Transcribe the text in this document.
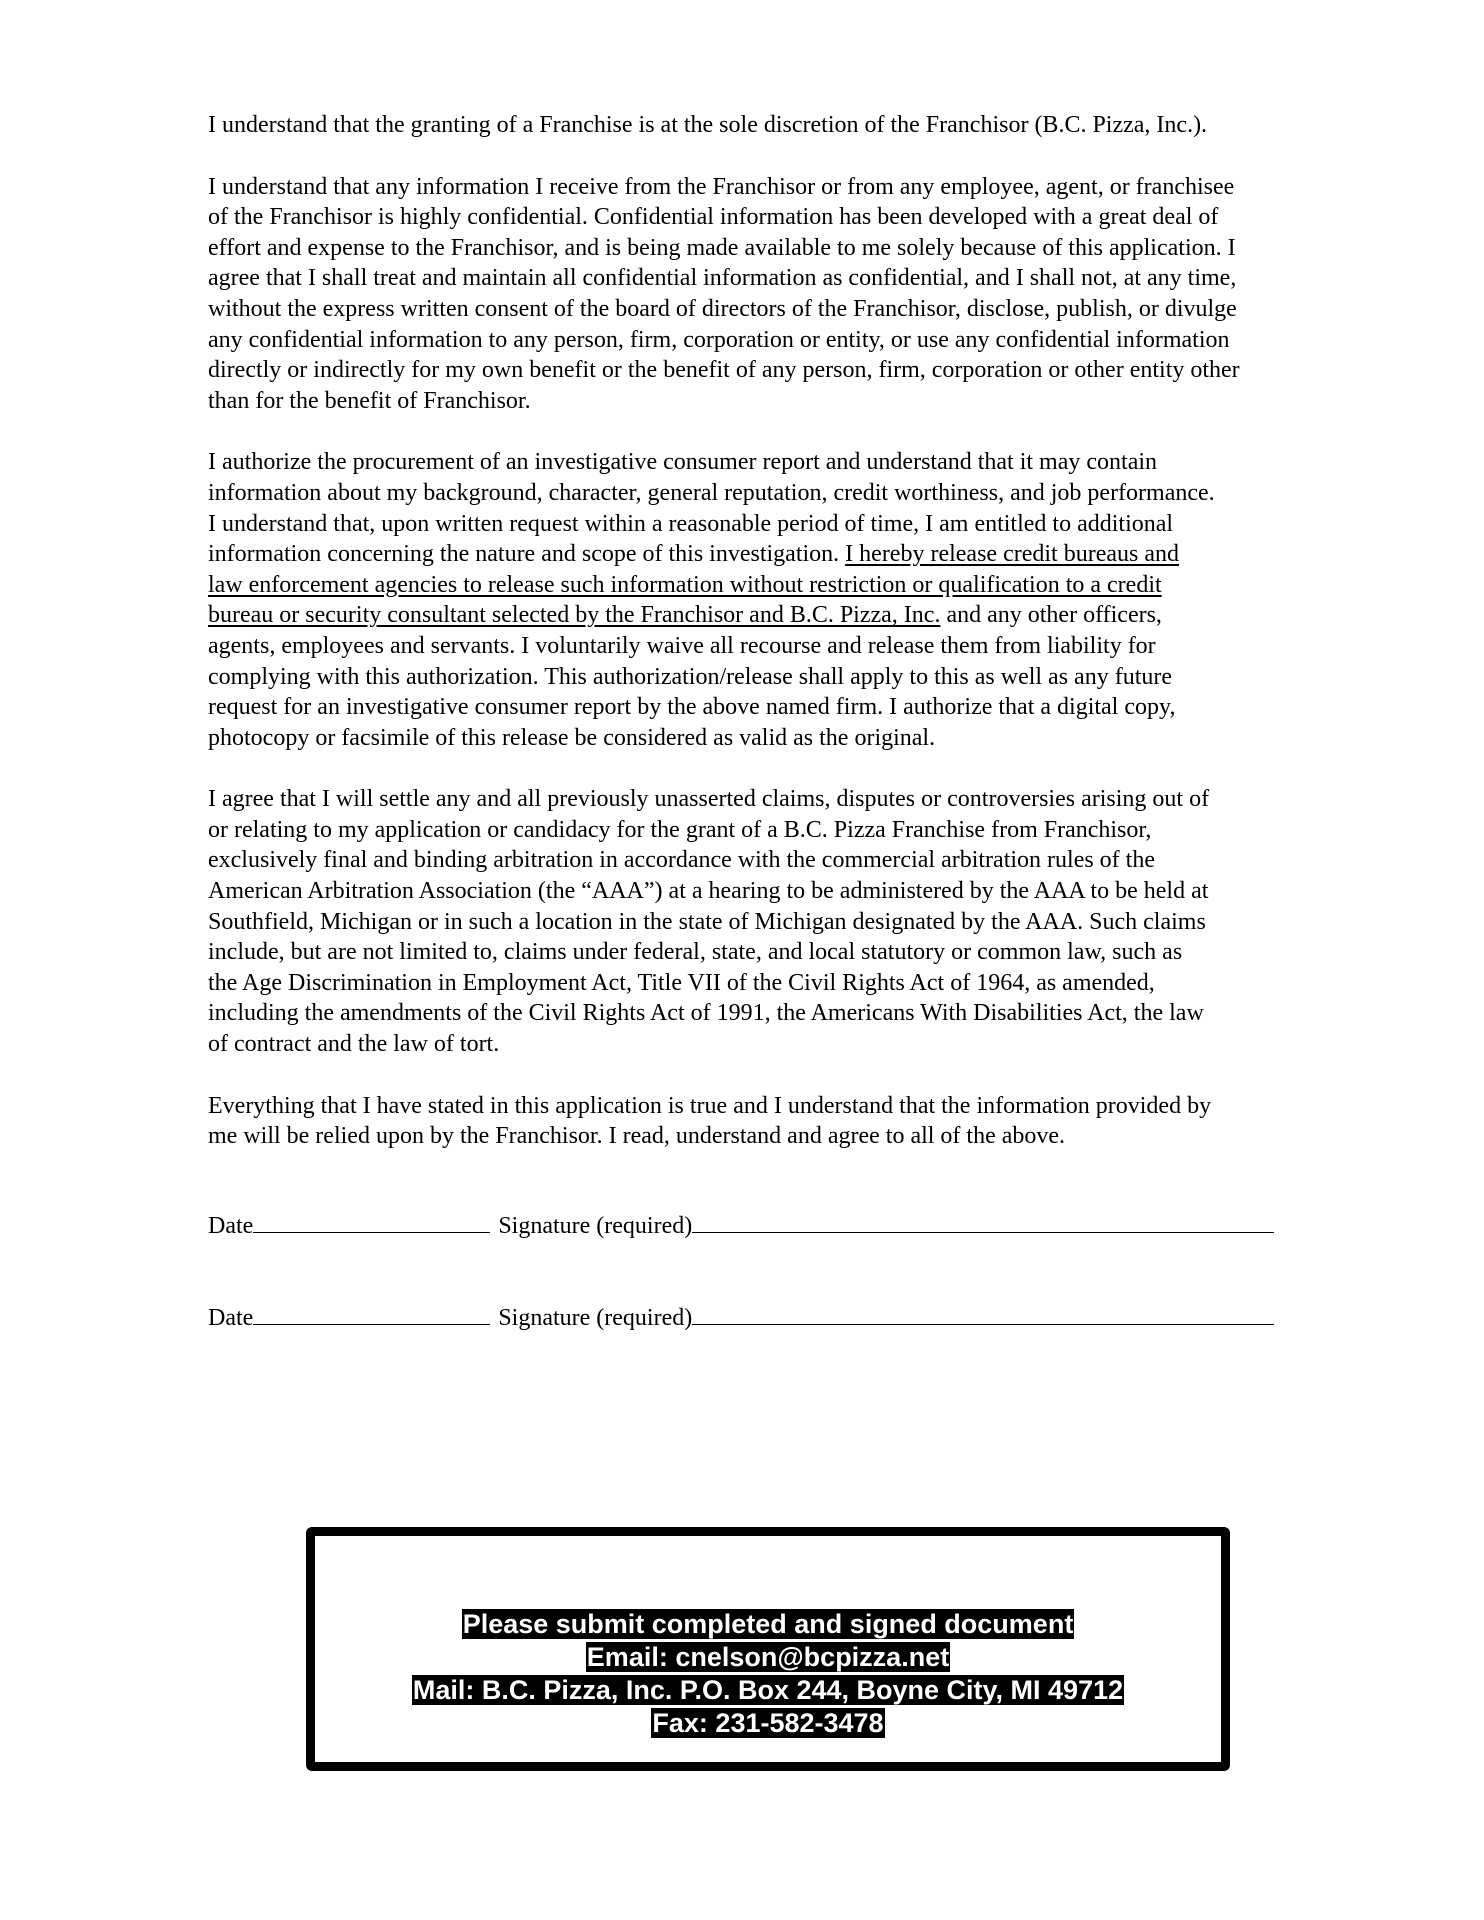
I understand that the granting of a Franchise is at the sole discretion of the Franchisor (B.C. Pizza, Inc.).

I understand that any information I receive from the Franchisor or from any employee, agent, or franchisee
of the Franchisor is highly confidential. Confidential information has been developed with a great deal of
effort and expense to the Franchisor, and is being made available to me solely because of this application. I
agree that I shall treat and maintain all confidential information as confidential, and I shall not, at any time,
without the express written consent of the board of directors of the Franchisor, disclose, publish, or divulge
any confidential information to any person, firm, corporation or entity, or use any confidential information
directly or indirectly for my own benefit or the benefit of any person, firm, corporation or other entity other
than for the benefit of Franchisor.

I authorize the procurement of an investigative consumer report and understand that it may contain
information about my background, character, general reputation, credit worthiness, and job performance.
I understand that, upon written request within a reasonable period of time, I am entitled to additional
information concerning the nature and scope of this investigation. I hereby release credit bureaus and
law enforcement agencies to release such information without restriction or qualification to a credit
bureau or security consultant selected by the Franchisor and B.C. Pizza, Inc. and any other officers,
agents, employees and servants. I voluntarily waive all recourse and release them from liability for
complying with this authorization. This authorization/release shall apply to this as well as any future
request for an investigative consumer report by the above named firm. I authorize that a digital copy,
photocopy or facsimile of this release be considered as valid as the original.

I agree that I will settle any and all previously unasserted claims, disputes or controversies arising out of
or relating to my application or candidacy for the grant of a B.C. Pizza Franchise from Franchisor,
exclusively final and binding arbitration in accordance with the commercial arbitration rules of the
American Arbitration Association (the “AAA”) at a hearing to be administered by the AAA to be held at
Southfield, Michigan or in such a location in the state of Michigan designated by the AAA. Such claims
include, but are not limited to, claims under federal, state, and local statutory or common law, such as
the Age Discrimination in Employment Act, Title VII of the Civil Rights Act of 1964, as amended,
including the amendments of the Civil Rights Act of 1991, the Americans With Disabilities Act, the law
of contract and the law of tort.

Everything that I have stated in this application is true and I understand that the information provided by
me will be relied upon by the Franchisor. I read, understand and agree to all of the above.

Date	Signature (required)
Date	Signature (required)
Please submit completed and signed document
Email: cnelson@bcpizza.net
Mail: B.C. Pizza, Inc. P.O. Box 244, Boyne City, MI 49712
Fax: 231-582-3478
